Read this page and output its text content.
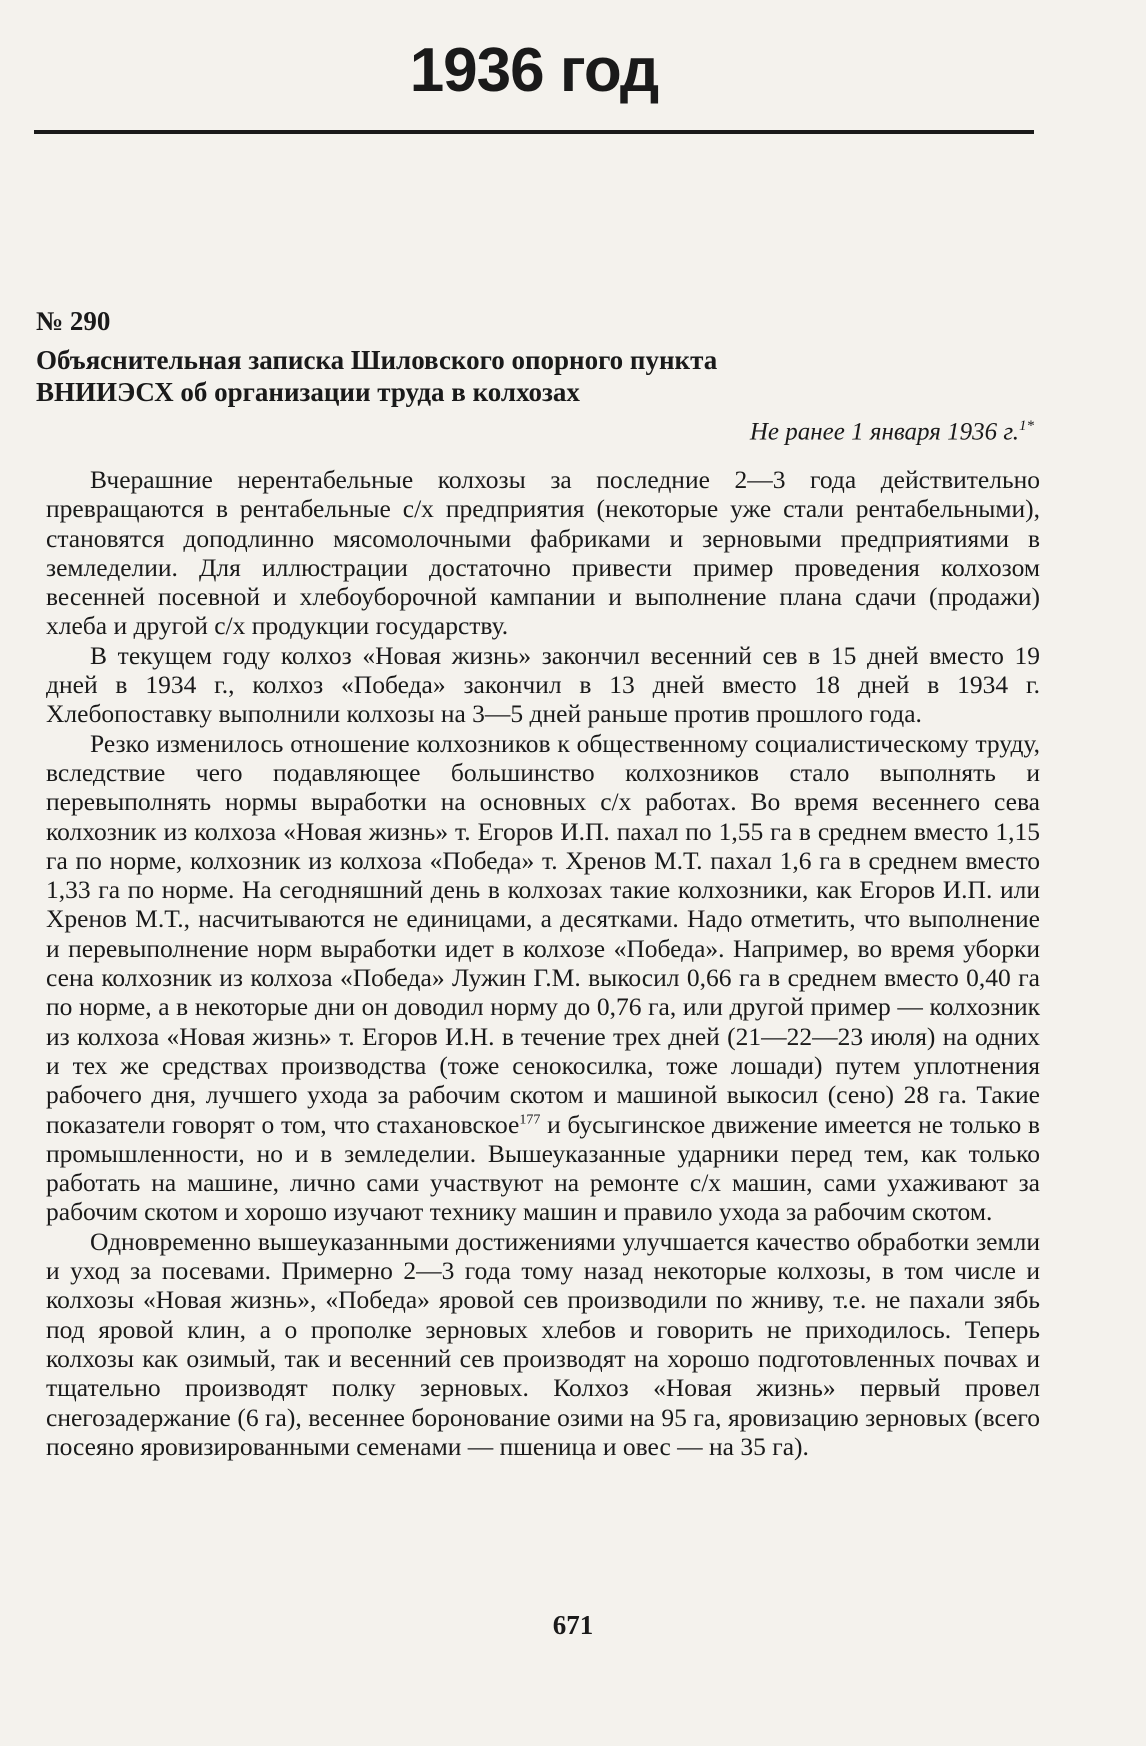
1936 год
№ 290
Объяснительная записка Шиловского опорного пункта
ВНИИЭСХ об организации труда в колхозах
Не ранее 1 января 1936 г.$^{1*}$

Вчерашние нерентабельные колхозы за последние 2—3 года действительно превращаются в рентабельные с/х предприятия (некоторые уже стали рентабельными), становятся доподлинно мясомолочными фабриками и зерновыми предприятиями в земледелии. Для иллюстрации достаточно привести пример проведения колхозом весенней посевной и хлебоуборочной кампании и выполнение плана сдачи (продажи) хлеба и другой с/х продукции государству.

В текущем году колхоз «Новая жизнь» закончил весенний сев в 15 дней вместо 19 дней в 1934 г., колхоз «Победа» закончил в 13 дней вместо 18 дней в 1934 г. Хлебопоставку выполнили колхозы на 3—5 дней раньше против прошлого года.

Резко изменилось отношение колхозников к общественному социалистическому труду, вследствие чего подавляющее большинство колхозников стало выполнять и перевыполнять нормы выработки на основных с/х работах. Во время весеннего сева колхозник из колхоза «Новая жизнь» т. Егоров И.П. пахал по 1,55 га в среднем вместо 1,15 га по норме, колхозник из колхоза «Победа» т. Хренов М.Т. пахал 1,6 га в среднем вместо 1,33 га по норме. На сегодняшний день в колхозах такие колхозники, как Егоров И.П. или Хренов М.Т., насчитываются не единицами, а десятками. Надо отметить, что выполнение и перевыполнение норм выработки идет в колхозе «Победа». Например, во время уборки сена колхозник из колхоза «Победа» Лужин Г.М. выкосил 0,66 га в среднем вместо 0,40 га по норме, а в некоторые дни он доводил норму до 0,76 га, или другой пример — колхозник из колхоза «Новая жизнь» т. Егоров И.Н. в течение трех дней (21—22—23 июля) на одних и тех же средствах производства (тоже сенокосилка, тоже лошади) путем уплотнения рабочего дня, лучшего ухода за рабочим скотом и машиной выкосил (сено) 28 га. Такие показатели говорят о том, что стахановское$^{177}$ и бусыгинское движение имеется не только в промышленности, но и в земледелии. Вышеуказанные ударники перед тем, как только работать на машине, лично сами участвуют на ремонте с/х машин, сами ухаживают за рабочим скотом и хорошо изучают технику машин и правило ухода за рабочим скотом.

Одновременно вышеуказанными достижениями улучшается качество обработки земли и уход за посевами. Примерно 2—3 года тому назад некоторые колхозы, в том числе и колхозы «Новая жизнь», «Победа» яровой сев производили по жниву, т.е. не пахали зябь под яровой клин, а о прополке зерновых хлебов и говорить не приходилось. Теперь колхозы как озимый, так и весенний сев производят на хорошо подготовленных почвах и тщательно производят полку зерновых. Колхоз «Новая жизнь» первый провел снегозадержание (6 га), весеннее боронование озими на 95 га, яровизацию зерновых (всего посеяно яровизированными семенами — пшеница и овес — на 35 га).

671
